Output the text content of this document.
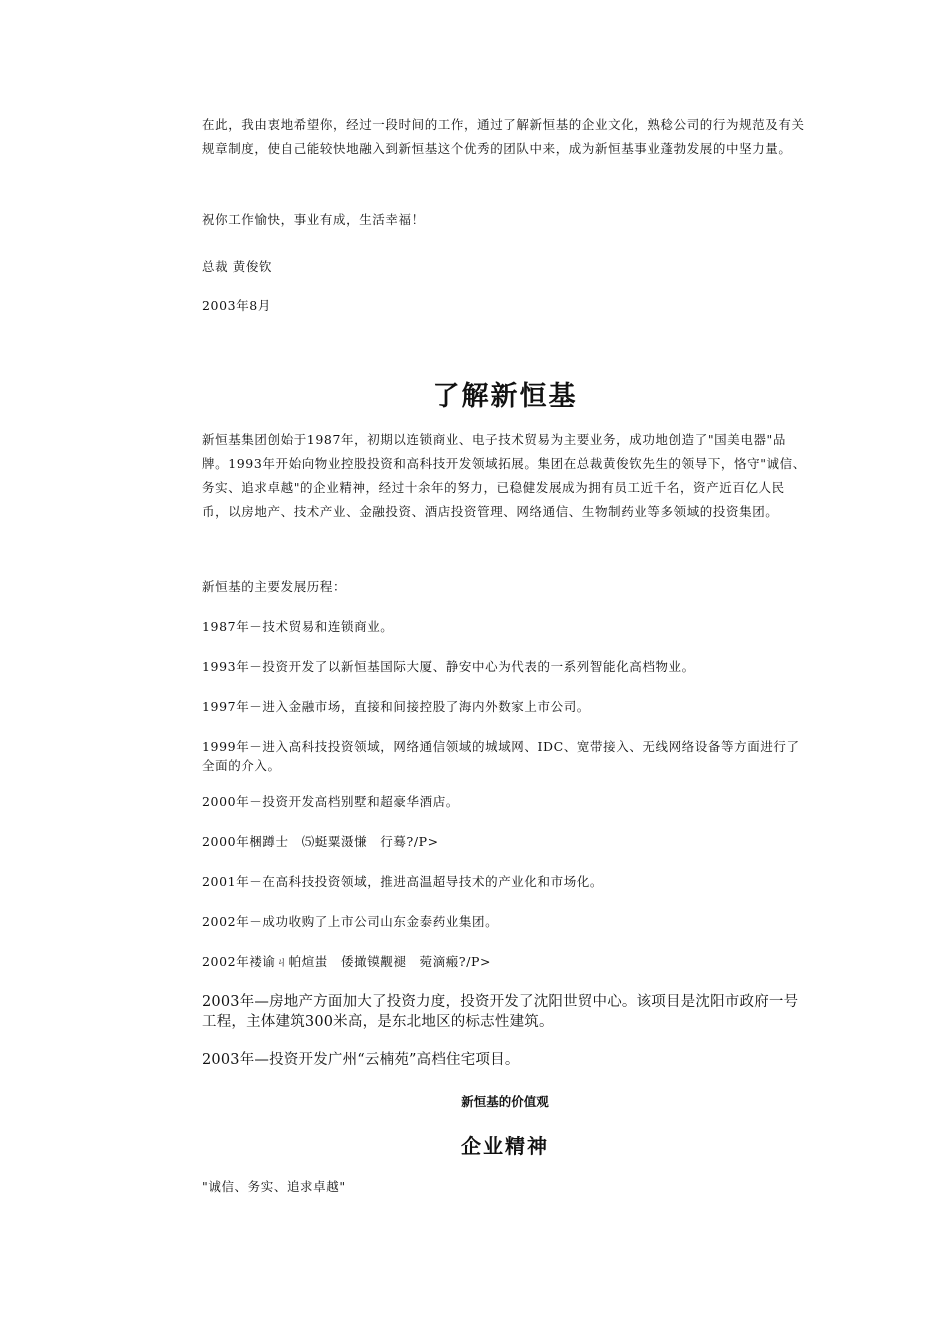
在此，我由衷地希望你，经过一段时间的工作，通过了解新恒基的企业文化，熟稔公司的行为规范及有关规章制度，使自己能较快地融入到新恒基这个优秀的团队中来，成为新恒基事业蓬勃发展的中坚力量。

祝你工作愉快，事业有成，生活幸福！

总裁 黄俊钦

2003年8月

了解新恒基

新恒基集团创始于1987年，初期以连锁商业、电子技术贸易为主要业务，成功地创造了"国美电器"品牌。1993年开始向物业控股投资和高科技开发领域拓展。集团在总裁黄俊钦先生的领导下，恪守"诚信、务实、追求卓越"的企业精神，经过十余年的努力，已稳健发展成为拥有员工近千名，资产近百亿人民币，以房地产、技术产业、金融投资、酒店投资管理、网络通信、生物制药业等多领域的投资集团。

新恒基的主要发展历程：

1987年－技术贸易和连锁商业。

1993年－投资开发了以新恒基国际大厦、静安中心为代表的一系列智能化高档物业。

1997年－进入金融市场，直接和间接控股了海内外数家上市公司。

1999年－进入高科技投资领域，网络通信领域的城域网、IDC、宽带接入、无线网络设备等方面进行了全面的介入。

2000年－投资开发高档别墅和超豪华酒店。

2000年梱蹲士　⑸蜓粟滠慊　行蓦?/P>

2001年－在高科技投资领域，推进高温超导技术的产业化和市场化。

2002年－成功收购了上市公司山东金泰药业集团。

2002年褛谕ㄐ帕煊蚩　倭撖镆觏褪　菀滴瘢?/P>

2003年—房地产方面加大了投资力度，投资开发了沈阳世贸中心。该项目是沈阳市政府一号工程，主体建筑300米高，是东北地区的标志性建筑。

2003年—投资开发广州“云楠苑”高档住宅项目。

新恒基的价值观
企业精神

"诚信、务实、追求卓越"
